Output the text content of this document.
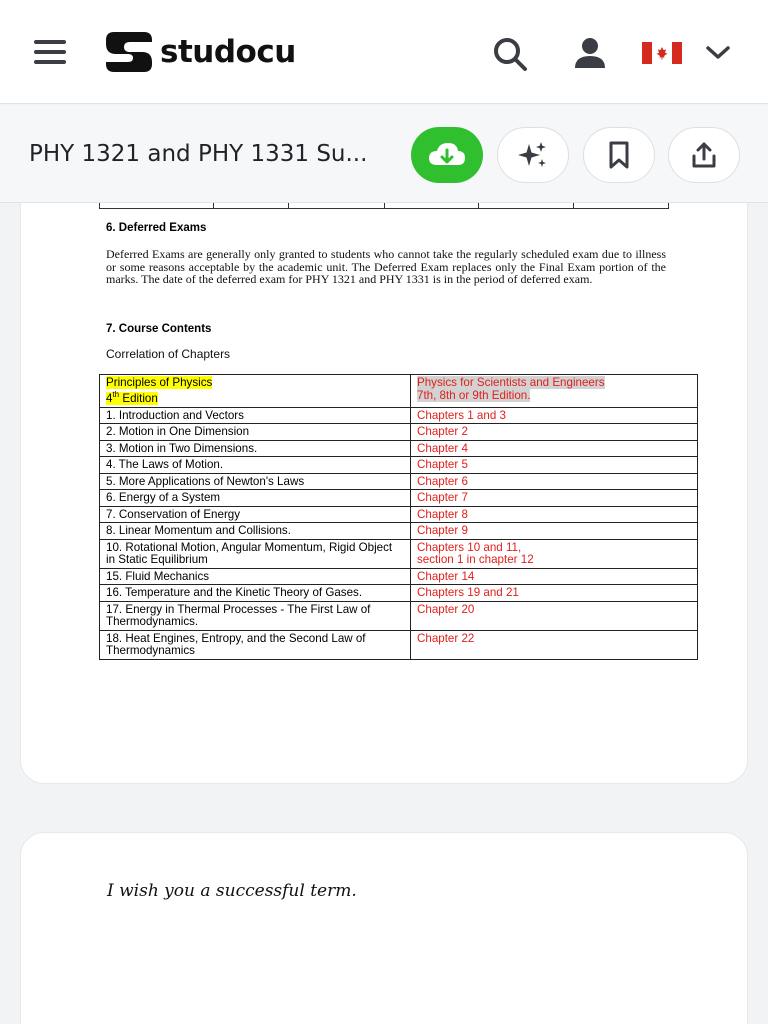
studocu
PHY 1321 and PHY 1331 Su...
6. Deferred Exams
Deferred Exams are generally only granted to students who cannot take the regularly scheduled exam due to illness or some reasons acceptable by the academic unit. The Deferred Exam replaces only the Final Exam portion of the marks. The date of the deferred exam for PHY 1321 and PHY 1331 is in the period of deferred exam.
7. Course Contents
Correlation of Chapters
Principles of Physics
4th Edition	Physics for Scientists and Engineers
7th, 8th or 9th Edition.

1. Introduction and Vectors	Chapters 1 and 3
2. Motion in One Dimension	Chapter 2
3. Motion in Two Dimensions.	Chapter 4
4. The Laws of Motion.	Chapter 5
5. More Applications of Newton's Laws	Chapter 6
6. Energy of a System	Chapter 7
7. Conservation of Energy	Chapter 8
8. Linear Momentum and Collisions.	Chapter 9
10. Rotational Motion, Angular Momentum, Rigid Object in Static Equilibrium	Chapters 10 and 11,
section 1 in chapter 12

15. Fluid Mechanics	Chapter 14
16. Temperature and the Kinetic Theory of Gases.	Chapters 19 and 21
17. Energy in Thermal Processes - The First Law of Thermodynamics.	Chapter 20
18. Heat Engines, Entropy, and the Second Law of Thermodynamics	Chapter 22
I wish you a successful term.
